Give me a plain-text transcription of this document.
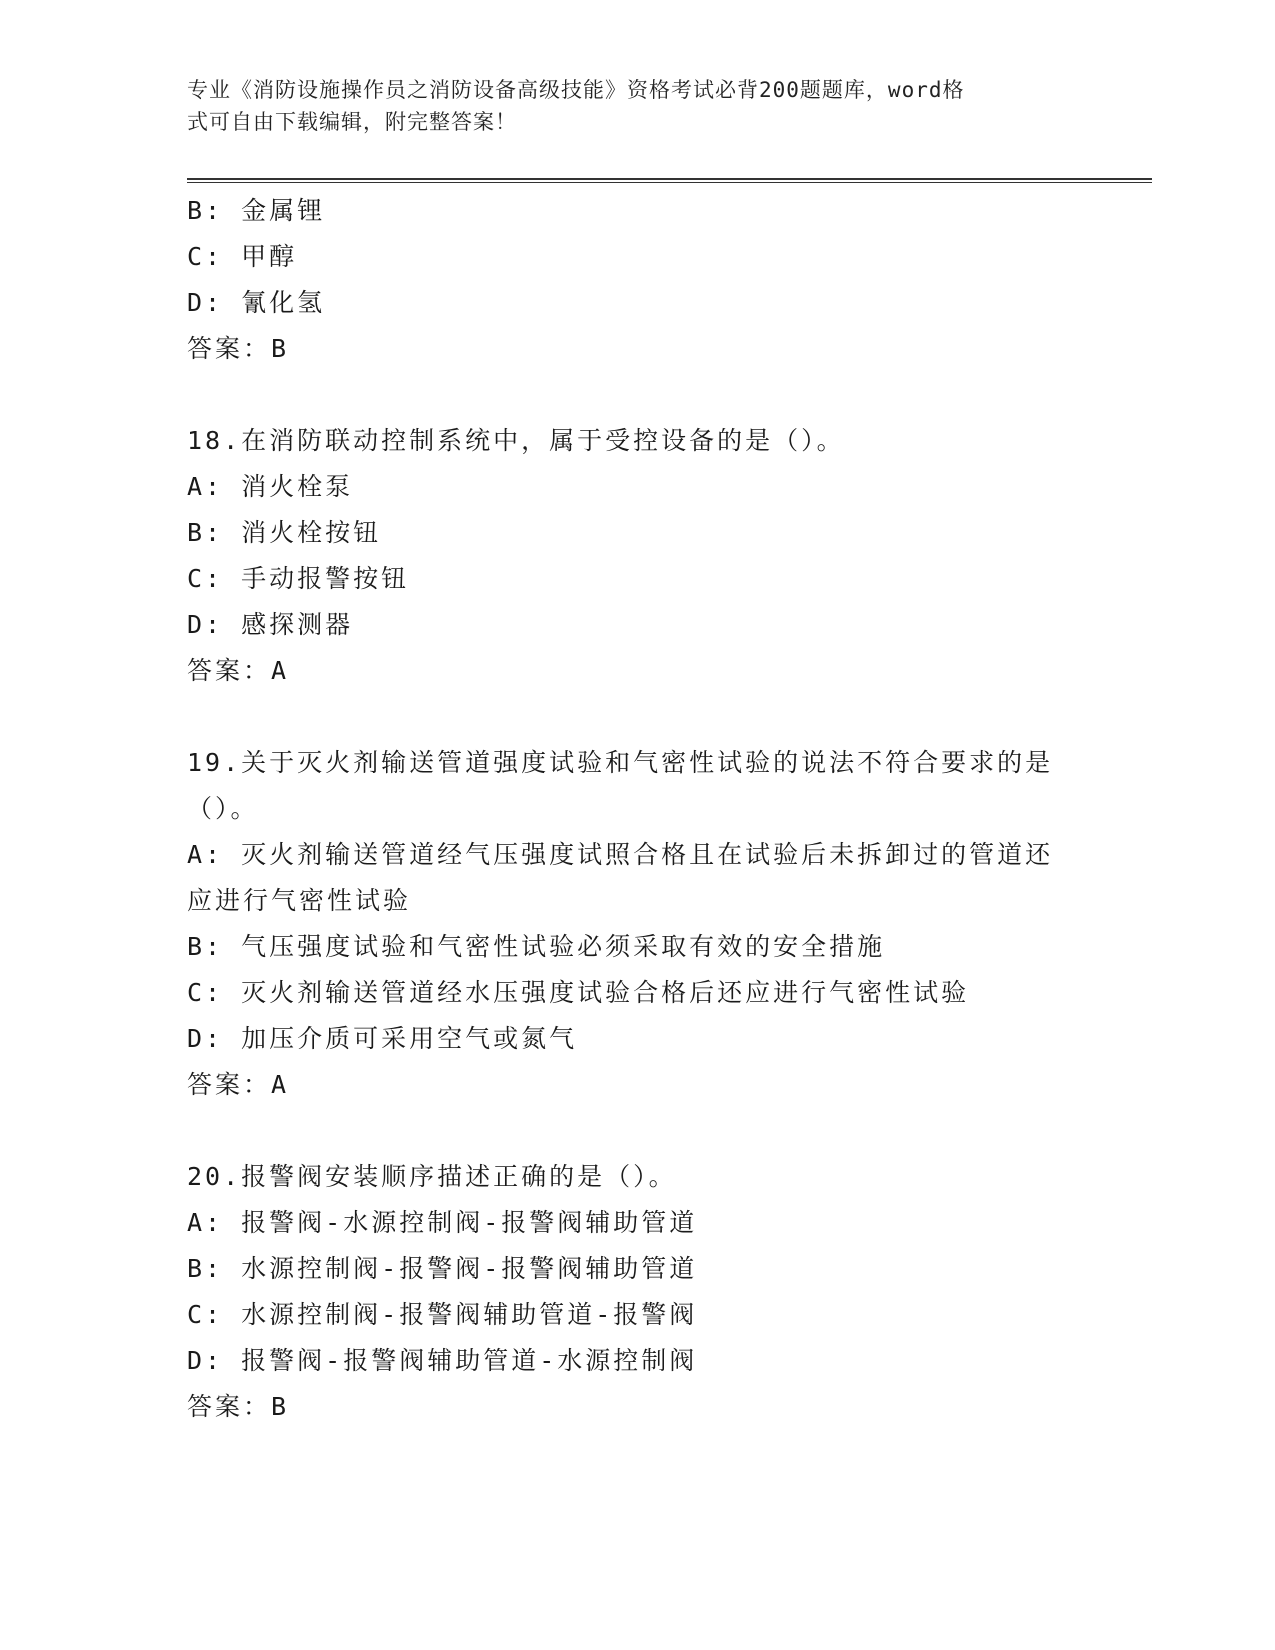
专业《消防设施操作员之消防设备高级技能》资格考试必背200题题库，word格
式可自由下载编辑，附完整答案！
B: 金属锂
C: 甲醇
D: 氰化氢
答案：B
18.在消防联动控制系统中，属于受控设备的是（）。
A: 消火栓泵
B: 消火栓按钮
C: 手动报警按钮
D: 感探测器
答案：A
19.关于灭火剂输送管道强度试验和气密性试验的说法不符合要求的是
（）。
A: 灭火剂输送管道经气压强度试照合格且在试验后未拆卸过的管道还
应进行气密性试验
B: 气压强度试验和气密性试验必须采取有效的安全措施
C: 灭火剂输送管道经水压强度试验合格后还应进行气密性试验
D: 加压介质可采用空气或氮气
答案：A
20.报警阀安装顺序描述正确的是（）。
A: 报警阀-水源控制阀-报警阀辅助管道
B: 水源控制阀-报警阀-报警阀辅助管道
C: 水源控制阀-报警阀辅助管道-报警阀
D: 报警阀-报警阀辅助管道-水源控制阀
答案：B
